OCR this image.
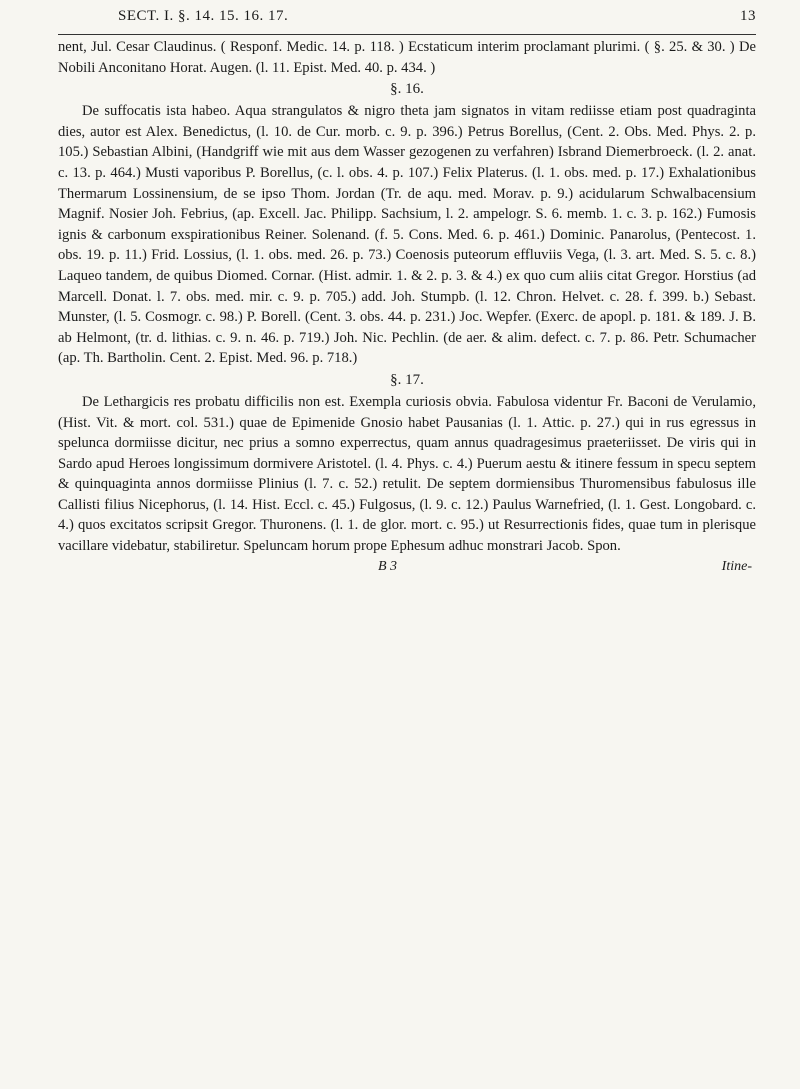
SECT. I. §. 14. 15. 16. 17.	13

nent, Jul. Cesar Claudinus. ( Responf. Medic. 14. p. 118. ) Ecstaticum interim proclamant plurimi. ( §. 25. & 30. ) De Nobili Anconitano Horat. Augen. (l. 11. Epist. Med. 40. p. 434. )

§. 16.

De suffocatis ista habeo. Aqua strangulatos & nigro theta jam signatos in vitam rediisse etiam post quadraginta dies, autor est Alex. Benedictus, (l. 10. de Cur. morb. c. 9. p. 396.) Petrus Borellus, (Cent. 2. Obs. Med. Phys. 2. p. 105.) Sebastian Albini, (Handgriff wie mit aus dem Wasser gezogenen zu verfahren) Isbrand Diemerbroeck. (l. 2. anat. c. 13. p. 464.) Musti vaporibus P. Borellus, (c. l. obs. 4. p. 107.) Felix Platerus. (l. 1. obs. med. p. 17.) Exhalationibus Thermarum Lossinensium, de se ipso Thom. Jordan (Tr. de aqu. med. Morav. p. 9.) acidularum Schwalbacensium Magnif. Nosier Joh. Febrius, (ap. Excell. Jac. Philipp. Sachsium, l. 2. ampelogr. S. 6. memb. 1. c. 3. p. 162.) Fumosis ignis & carbonum exspirationibus Reiner. Solenand. (f. 5. Cons. Med. 6. p. 461.) Dominic. Panarolus, (Pentecost. 1. obs. 19. p. 11.) Frid. Lossius, (l. 1. obs. med. 26. p. 73.) Coenosis puteorum effluviis Vega, (l. 3. art. Med. S. 5. c. 8.) Laqueo tandem, de quibus Diomed. Cornar. (Hist. admir. 1. & 2. p. 3. & 4.) ex quo cum aliis citat Gregor. Horstius (ad Marcell. Donat. l. 7. obs. med. mir. c. 9. p. 705.) add. Joh. Stumpb. (l. 12. Chron. Helvet. c. 28. f. 399. b.) Sebast. Munster, (l. 5. Cosmogr. c. 98.) P. Borell. (Cent. 3. obs. 44. p. 231.) Joc. Wepfer. (Exerc. de apopl. p. 181. & 189. J. B. ab Helmont, (tr. d. lithias. c. 9. n. 46. p. 719.) Joh. Nic. Pechlin. (de aer. & alim. defect. c. 7. p. 86. Petr. Schumacher (ap. Th. Bartholin. Cent. 2. Epist. Med. 96. p. 718.)

§. 17.

De Lethargicis res probatu difficilis non est. Exempla curiosis obvia. Fabulosa videntur Fr. Baconi de Verulamio, (Hist. Vit. & mort. col. 531.) quae de Epimenide Gnosio habet Pausanias (l. 1. Attic. p. 27.) qui in rus egressus in speluncа dormiisse dicitur, nec prius a somno experrectus, quam annus quadragesimus praeteriisset. De viris qui in Sardo apud Heroes longissimum dormivere Aristotel. (l. 4. Phys. c. 4.) Puerum aestu & itinere fessum in specu septem & quinquaginta annos dormiisse Plinius (l. 7. c. 52.) retulit. De septem dormiensibus Thuromensibus fabulosus ille Callisti filius Nicephorus, (l. 14. Hist. Eccl. c. 45.) Fulgosus, (l. 9. c. 12.) Paulus Warnefried, (l. 1. Gest. Longobard. c. 4.) quos excitatos scripsit Gregor. Thuronens. (l. 1. de glor. mort. c. 95.) ut Resurrectionis fides, quae tum in plerisque vacillare videbatur, stabiliretur. Speluncam horum prope Ephesum adhuc monstrari Jacob. Spon.

B 3	Itine-
